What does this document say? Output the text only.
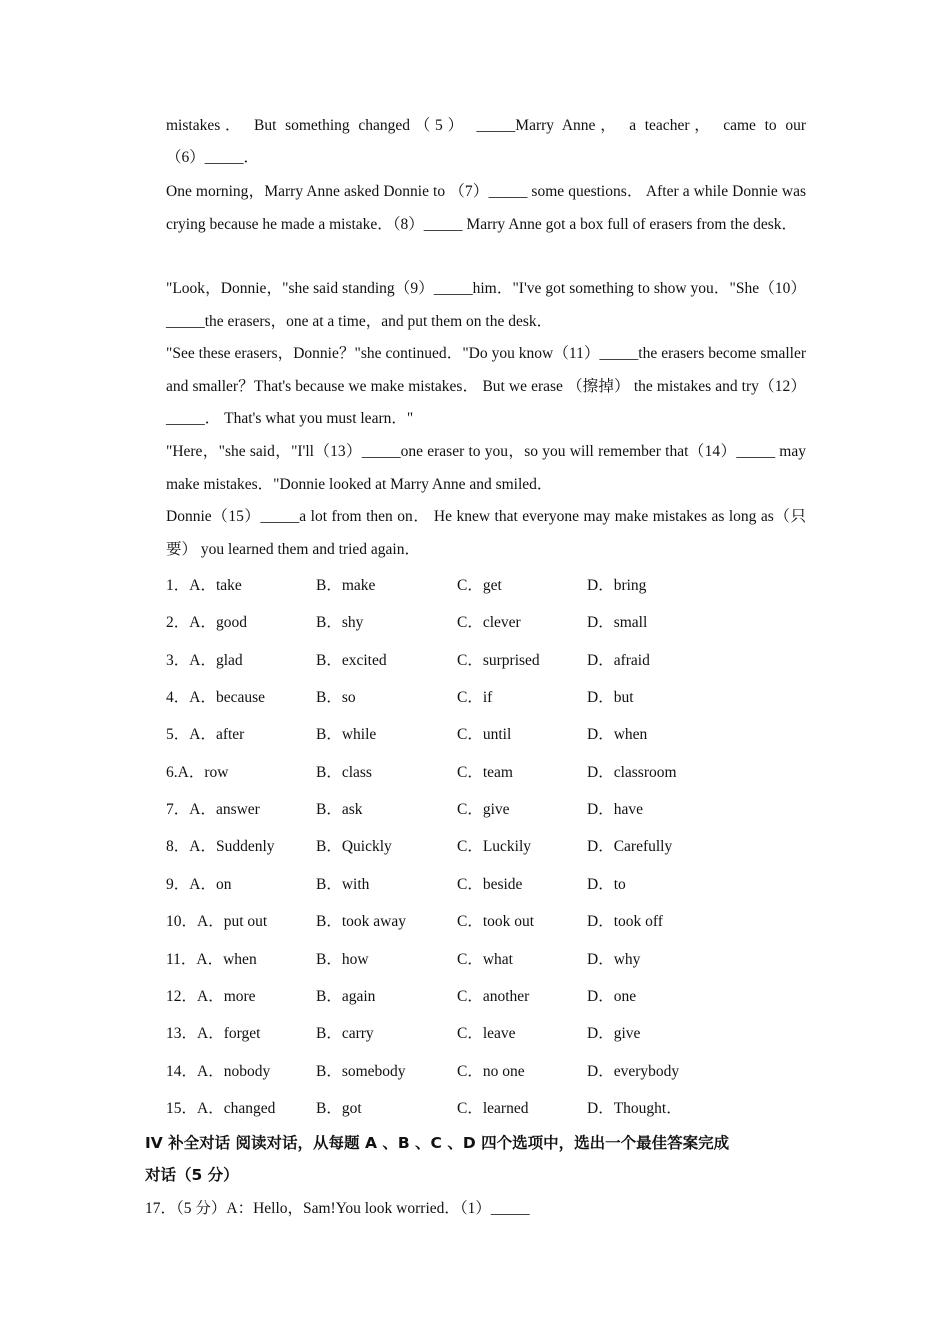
mistakes． But something changed（5） _____Marry Anne， a teacher， came to our
（6）_____．
One morning，Marry Anne asked Donnie to （7）_____ some questions． After a while Donnie was crying because he made a mistake．（8）_____ Marry Anne got a box full of erasers from the desk．
"Look，Donnie，"she said standing（9）_____him．"I've got something to show you．"She（10）_____the erasers，one at a time，and put them on the desk．
"See these erasers，Donnie？"she continued．"Do you know（11）_____the erasers become smaller and smaller？That's because we make mistakes． But we erase （擦掉） the mistakes and try（12）_____． That's what you must learn．"
"Here，"she said，"I'll（13）_____one eraser to you，so you will remember that（14）_____ may make mistakes．"Donnie looked at Marry Anne and smiled．
Donnie（15）_____a lot from then on． He knew that everyone may make mistakes as long as（只要） you learned them and tried again．
1．A．take	B．make	C．get	D．bring
2．A．good	B．shy	C．clever	D．small
3．A．glad	B．excited	C．surprised	D．afraid
4．A．because	B．so	C．if	D．but
5．A．after	B．while	C．until	D．when
6.A．row	B．class	C．team	D．classroom
7．A．answer	B．ask	C．give	D．have
8．A．Suddenly	B．Quickly	C．Luckily	D．Carefully
9．A．on	B．with	C．beside	D．to
10．A．put out	B．took away	C．took out	D．took off
11．A．when	B．how	C．what	D．why
12．A．more	B．again	C．another	D．one
13．A．forget	B．carry	C．leave	D．give
14．A．nobody	B．somebody	C．no one	D．everybody
15．A．changed	B．got	C．learned	D．Thought．
IV 补全对话 阅读对话，从每题 A 、B 、C 、D 四个选项中，选出一个最佳答案完成
对话（5 分）
17．（5 分）A：Hello，Sam!You look worried．（1）_____
